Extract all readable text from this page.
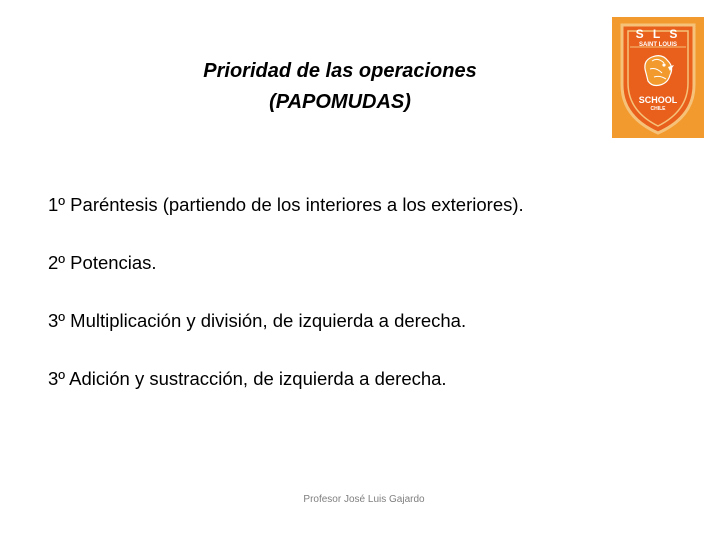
Prioridad de las operaciones
(PAPOMUDAS)
S L S
SAINT LOUIS
SCHOOL
CHILE
1º Paréntesis (partiendo de los interiores a los exteriores).
2º Potencias.
3º Multiplicación y división, de izquierda a derecha.
3º Adición y sustracción, de izquierda a derecha.
Profesor José Luis Gajardo
